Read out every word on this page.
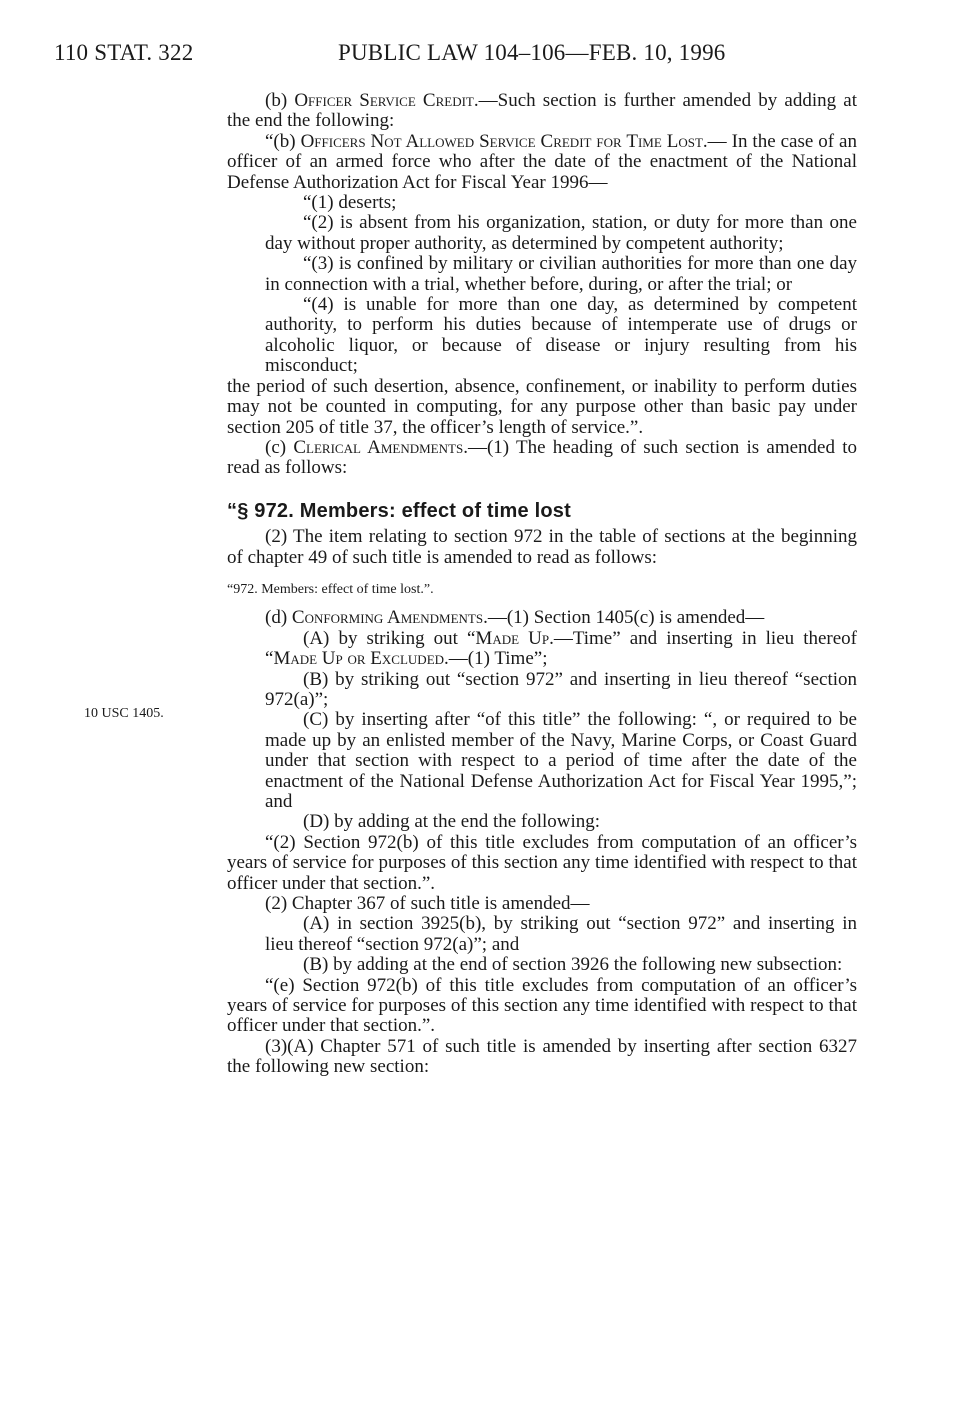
110 STAT. 322	PUBLIC LAW 104–106—FEB. 10, 1996
10 USC 1405.

(b) Officer Service Credit.—Such section is further amended by adding at the end the following:

“(b) Officers Not Allowed Service Credit for Time Lost.— In the case of an officer of an armed force who after the date of the enactment of the National Defense Authorization Act for Fiscal Year 1996—

“(1) deserts;

“(2) is absent from his organization, station, or duty for more than one day without proper authority, as determined by competent authority;

“(3) is confined by military or civilian authorities for more than one day in connection with a trial, whether before, during, or after the trial; or

“(4) is unable for more than one day, as determined by competent authority, to perform his duties because of intemperate use of drugs or alcoholic liquor, or because of disease or injury resulting from his misconduct;

the period of such desertion, absence, confinement, or inability to perform duties may not be counted in computing, for any purpose other than basic pay under section 205 of title 37, the officer’s length of service.”.

(c) Clerical Amendments.—(1) The heading of such section is amended to read as follows:

“§ 972. Members: effect of time lost

(2) The item relating to section 972 in the table of sections at the beginning of chapter 49 of such title is amended to read as follows:

“972. Members: effect of time lost.”.

(d) Conforming Amendments.—(1) Section 1405(c) is amended—

(A) by striking out “Made Up.—Time” and inserting in lieu thereof “Made Up or Excluded.—(1) Time”;

(B) by striking out “section 972” and inserting in lieu thereof “section 972(a)”;

(C) by inserting after “of this title” the following: “, or required to be made up by an enlisted member of the Navy, Marine Corps, or Coast Guard under that section with respect to a period of time after the date of the enactment of the National Defense Authorization Act for Fiscal Year 1995,”; and

(D) by adding at the end the following:

“(2) Section 972(b) of this title excludes from computation of an officer’s years of service for purposes of this section any time identified with respect to that officer under that section.”.

(2) Chapter 367 of such title is amended—

(A) in section 3925(b), by striking out “section 972” and inserting in lieu thereof “section 972(a)”; and

(B) by adding at the end of section 3926 the following new subsection:

“(e) Section 972(b) of this title excludes from computation of an officer’s years of service for purposes of this section any time identified with respect to that officer under that section.”.

(3)(A) Chapter 571 of such title is amended by inserting after section 6327 the following new section:
